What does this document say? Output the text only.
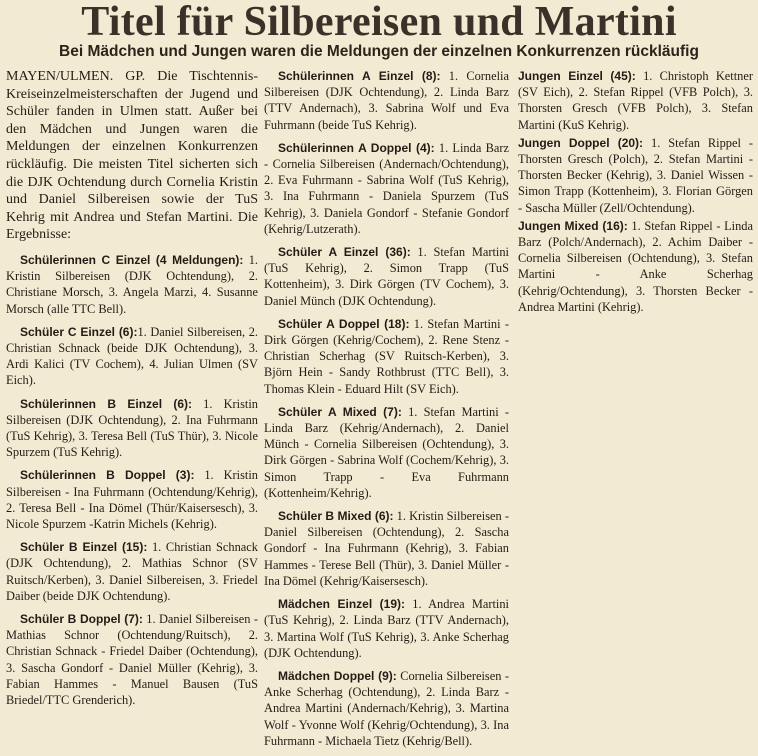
Titel für Silbereisen und Martini
Bei Mädchen und Jungen waren die Meldungen der einzelnen Konkurrenzen rückläufig

MAYEN/ULMEN. GP. Die Tischtennis-Kreiseinzelmeisterschaften der Jugend und Schüler fanden in Ulmen statt. Außer bei den Mädchen und Jungen waren die Meldungen der einzelnen Konkurrenzen rückläufig. Die meisten Titel sicherten sich die DJK Ochtendung durch Cornelia Kristin und Daniel Silbereisen sowie der TuS Kehrig mit Andrea und Stefan Martini. Die Ergebnisse:

Schülerinnen C Einzel (4 Meldungen): 1. Kristin Silbereisen (DJK Ochtendung), 2. Christiane Morsch, 3. Angela Marzi, 4. Susanne Morsch (alle TTC Bell).

Schüler C Einzel (6):1. Daniel Silbereisen, 2. Christian Schnack (beide DJK Ochtendung), 3. Ardi Kalici (TV Cochem), 4. Julian Ulmen (SV Eich).

Schülerinnen B Einzel (6): 1. Kristin Silbereisen (DJK Ochtendung), 2. Ina Fuhrmann (TuS Kehrig), 3. Teresa Bell (TuS Thür), 3. Nicole Spurzem (TuS Kehrig).

Schülerinnen B Doppel (3): 1. Kristin Silbereisen - Ina Fuhrmann (Ochtendung/Kehrig), 2. Teresa Bell - Ina Dömel (Thür/Kaisersesch), 3. Nicole Spurzem -Katrin Michels (Kehrig).

Schüler B Einzel (15): 1. Christian Schnack (DJK Ochtendung), 2. Mathias Schnor (SV Ruitsch/Kerben), 3. Daniel Silbereisen, 3. Friedel Daiber (beide DJK Ochtendung).

Schüler B Doppel (7): 1. Daniel Silbereisen - Mathias Schnor (Ochtendung/Ruitsch), 2. Christian Schnack - Friedel Daiber (Ochtendung), 3. Sascha Gondorf - Daniel Müller (Kehrig), 3. Fabian Hammes - Manuel Bausen (TuS Briedel/TTC Grenderich).

Schülerinnen A Einzel (8): 1. Cornelia Silbereisen (DJK Ochtendung), 2. Linda Barz (TTV Andernach), 3. Sabrina Wolf und Eva Fuhrmann (beide TuS Kehrig).

Schülerinnen A Doppel (4): 1. Linda Barz - Cornelia Silbereisen (Andernach/Ochtendung), 2. Eva Fuhrmann - Sabrina Wolf (TuS Kehrig), 3. Ina Fuhrmann - Daniela Spurzem (TuS Kehrig), 3. Daniela Gondorf - Stefanie Gondorf (Kehrig/Lutzerath).

Schüler A Einzel (36): 1. Stefan Martini (TuS Kehrig), 2. Simon Trapp (TuS Kottenheim), 3. Dirk Görgen (TV Cochem), 3. Daniel Münch (DJK Ochtendung).

Schüler A Doppel (18): 1. Stefan Martini - Dirk Görgen (Kehrig/Cochem), 2. Rene Stenz - Christian Scherhag (SV Ruitsch-Kerben), 3. Björn Hein - Sandy Rothbrust (TTC Bell), 3. Thomas Klein - Eduard Hilt (SV Eich).

Schüler A Mixed (7): 1. Stefan Martini - Linda Barz (Kehrig/Andernach), 2. Daniel Münch - Cornelia Silbereisen (Ochtendung), 3. Dirk Görgen - Sabrina Wolf (Cochem/Kehrig), 3. Simon Trapp - Eva Fuhrmann (Kottenheim/Kehrig).

Schüler B Mixed (6): 1. Kristin Silbereisen - Daniel Silbereisen (Ochtendung), 2. Sascha Gondorf - Ina Fuhrmann (Kehrig), 3. Fabian Hammes - Terese Bell (Thür), 3. Daniel Müller - Ina Dömel (Kehrig/Kaisersesch).

Mädchen Einzel (19): 1. Andrea Martini (TuS Kehrig), 2. Linda Barz (TTV Andernach), 3. Martina Wolf (TuS Kehrig), 3. Anke Scherhag (DJK Ochtendung).

Mädchen Doppel (9): Cornelia Silbereisen - Anke Scherhag (Ochtendung), 2. Linda Barz - Andrea Martini (Andernach/Kehrig), 3. Martina Wolf - Yvonne Wolf (Kehrig/Ochtendung), 3. Ina Fuhrmann - Michaela Tietz (Kehrig/Bell).

Jungen Einzel (45): 1. Christoph Kettner (SV Eich), 2. Stefan Rippel (VFB Polch), 3. Thorsten Gresch (VFB Polch), 3. Stefan Martini (KuS Kehrig).

Jungen Doppel (20): 1. Stefan Rippel - Thorsten Gresch (Polch), 2. Stefan Martini - Thorsten Becker (Kehrig), 3. Daniel Wissen - Simon Trapp (Kottenheim), 3. Florian Görgen - Sascha Müller (Zell/Ochtendung).

Jungen Mixed (16): 1. Stefan Rippel - Linda Barz (Polch/Andernach), 2. Achim Daiber - Cornelia Silbereisen (Ochtendung), 3. Stefan Martini - Anke Scherhag (Kehrig/Ochtendung), 3. Thorsten Becker - Andrea Martini (Kehrig).
